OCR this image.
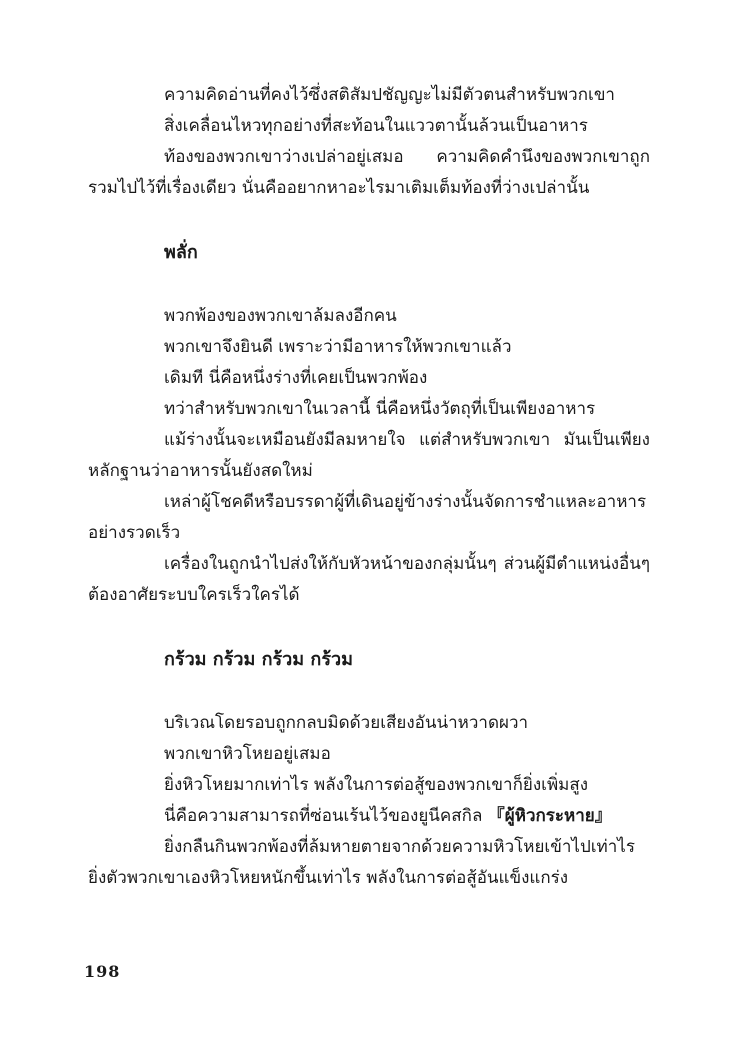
ความคิดอ่านที่คงไว้ซึ่งสติสัมปชัญญะไม่มีตัวตนสำหรับพวกเขา

สิ่งเคลื่อนไหวทุกอย่างที่สะท้อนในแววตานั้นล้วนเป็นอาหาร

ท้องของพวกเขาว่างเปล่าอยู่เสมอ ความคิดคำนึงของพวกเขาถูกรวมไปไว้ที่เรื่องเดียว นั่นคืออยากหาอะไรมาเติมเต็มท้องที่ว่างเปล่านั้น

พลั่ก

พวกพ้องของพวกเขาล้มลงอีกคน

พวกเขาจึงยินดี เพราะว่ามีอาหารให้พวกเขาแล้ว

เดิมที นี่คือหนึ่งร่างที่เคยเป็นพวกพ้อง

ทว่าสำหรับพวกเขาในเวลานี้ นี่คือหนึ่งวัตถุที่เป็นเพียงอาหาร

แม้ร่างนั้นจะเหมือนยังมีลมหายใจ แต่สำหรับพวกเขา มันเป็นเพียงหลักฐานว่าอาหารนั้นยังสดใหม่

เหล่าผู้โชคดีหรือบรรดาผู้ที่เดินอยู่ข้างร่างนั้นจัดการชำแหละอาหารอย่างรวดเร็ว

เครื่องในถูกนำไปส่งให้กับหัวหน้าของกลุ่มนั้นๆ ส่วนผู้มีตำแหน่งอื่นๆ ต้องอาศัยระบบใครเร็วใครได้

กร้วม กร้วม กร้วม กร้วม

บริเวณโดยรอบถูกกลบมิดด้วยเสียงอันน่าหวาดผวา

พวกเขาหิวโหยอยู่เสมอ

ยิ่งหิวโหยมากเท่าไร พลังในการต่อสู้ของพวกเขาก็ยิ่งเพิ่มสูง

นี่คือความสามารถที่ซ่อนเร้นไว้ของยูนีคสกิล 『ผู้หิวกระหาย』

ยิ่งกลืนกินพวกพ้องที่ล้มหายตายจากด้วยความหิวโหยเข้าไปเท่าไร ยิ่งตัวพวกเขาเองหิวโหยหนักขึ้นเท่าไร พลังในการต่อสู้อันแข็งแกร่ง

198
